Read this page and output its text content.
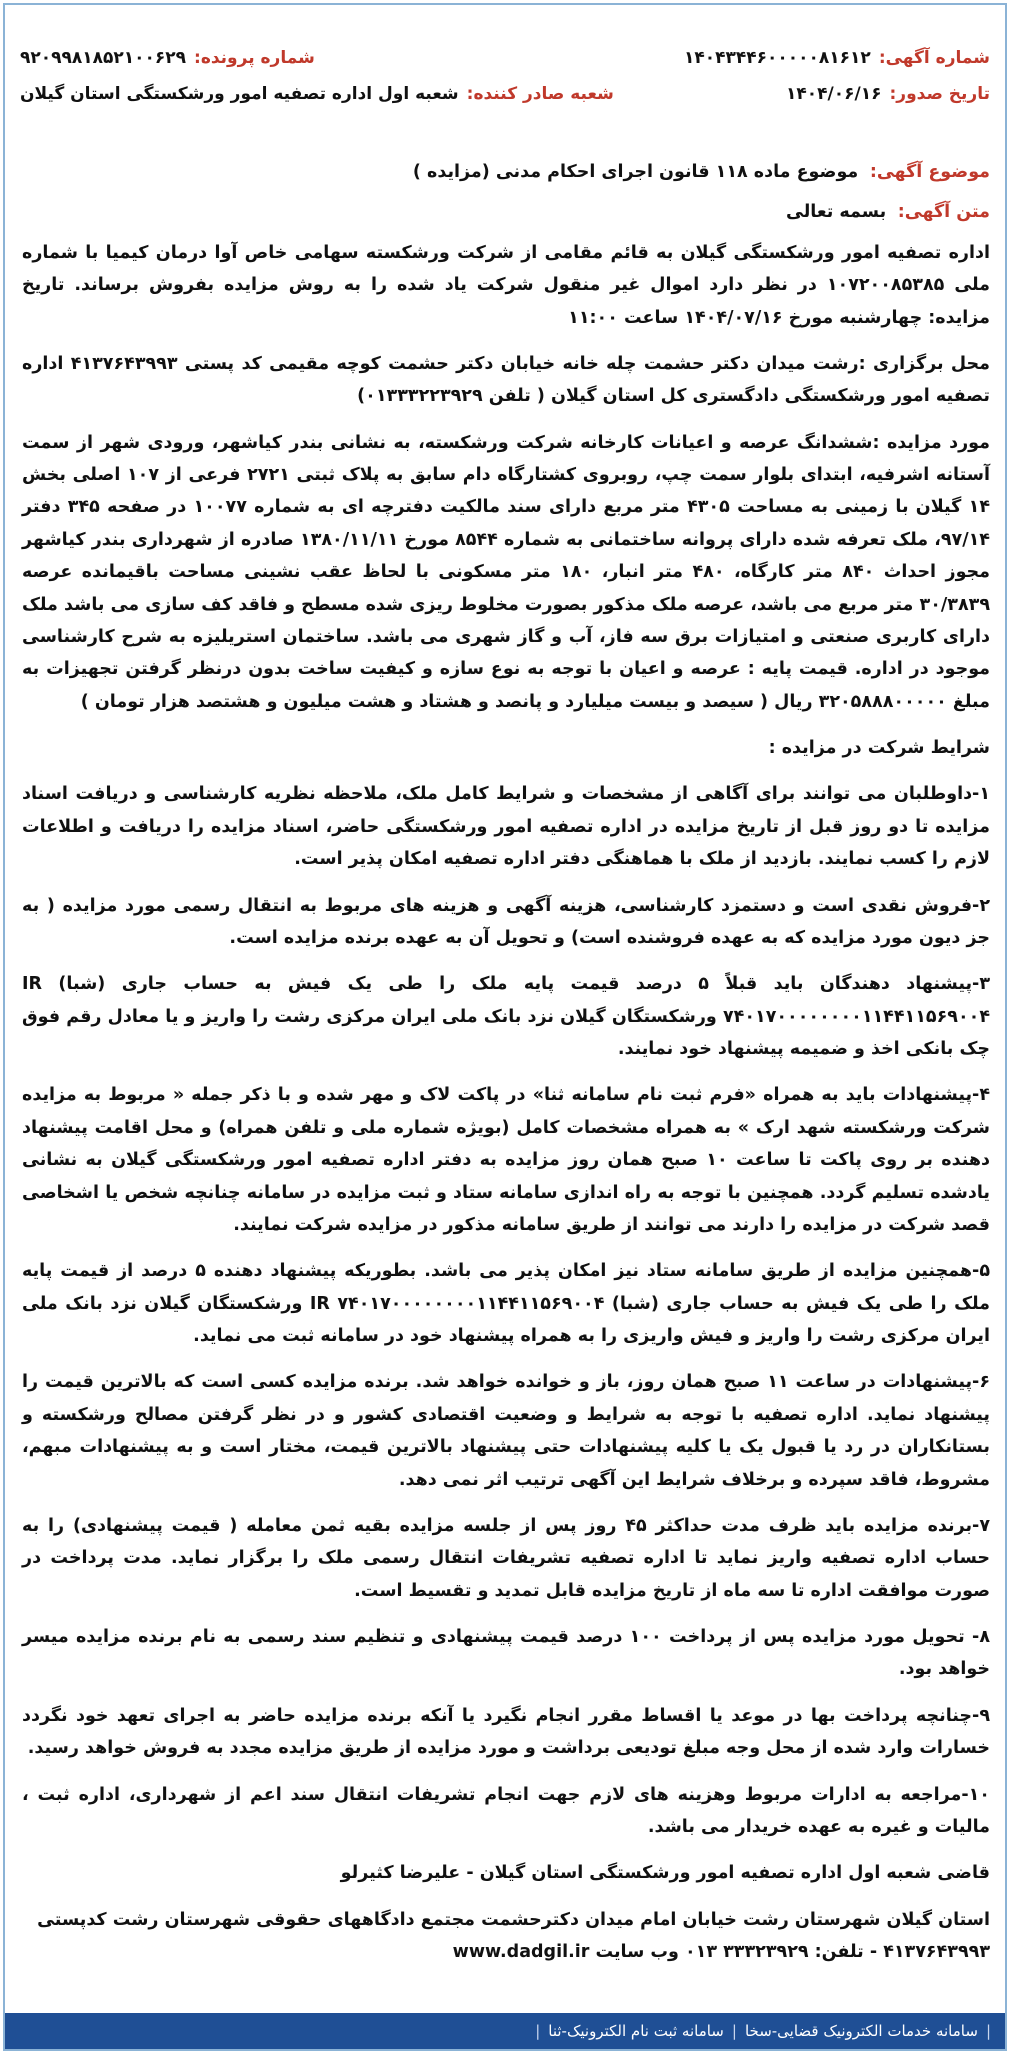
شماره آگهی:
۱۴۰۴۳۴۴۶۰۰۰۰۰۸۱۶۱۲
شماره پرونده:
۹۲۰۹۹۸۱۸۵۲۱۰۰۶۲۹
تاریخ صدور:
۱۴۰۴/۰۶/۱۶
شعبه صادر کننده:
شعبه اول اداره تصفیه امور ورشکستگی استان گیلان
موضوع آگهی: موضوع ماده ۱۱۸ قانون اجرای احکام مدنی (مزایده )
متن آگهی: بسمه تعالی

اداره تصفیه امور ورشکستگی گیلان به قائم مقامی از شرکت ورشکسته سهامی خاص آوا درمان کیمیا با شماره ملی ۱۰۷۲۰۰۸۵۳۸۵ در نظر دارد اموال غیر منقول شرکت یاد شده را به روش مزایده بفروش برساند. تاریخ مزایده: چهارشنبه مورخ ۱۴۰۴/۰۷/۱۶ ساعت ۱۱:۰۰

محل برگزاری :رشت میدان دکتر حشمت چله خانه خیابان دکتر حشمت کوچه مقیمی کد پستی ۴۱۳۷۶۴۳۹۹۳ اداره تصفیه امور ورشکستگی دادگستری کل استان گیلان ( تلفن ۰۱۳۳۳۲۲۳۹۲۹)

مورد مزایده :ششدانگ عرصه و اعیانات کارخانه شرکت ورشکسته، به نشانی بندر کیاشهر، ورودی شهر از سمت آستانه اشرفیه، ابتدای بلوار سمت چپ، روبروی کشتارگاه دام سابق به پلاک ثبتی ۲۷۲۱ فرعی از ۱۰۷ اصلی بخش ۱۴ گیلان با زمینی به مساحت ۴۳۰۵ متر مربع دارای سند مالکیت دفترچه ای به شماره ۱۰۰۷۷ در صفحه ۳۴۵ دفتر ۹۷/۱۴، ملک تعرفه شده دارای پروانه ساختمانی به شماره ۸۵۴۴ مورخ ۱۳۸۰/۱۱/۱۱ صادره از شهرداری بندر کیاشهر مجوز احداث ۸۴۰ متر کارگاه، ۴۸۰ متر انبار، ۱۸۰ متر مسکونی با لحاظ عقب نشینی مساحت باقیمانده عرصه ۳۰/۳۸۳۹ متر مربع می باشد، عرصه ملک مذکور بصورت مخلوط ریزی شده مسطح و فاقد کف سازی می باشد ملک دارای کاربری صنعتی و امتیازات برق سه فاز، آب و گاز شهری می باشد. ساختمان استریلیزه به شرح کارشناسی موجود در اداره. قیمت پایه : عرصه و اعیان با توجه به نوع سازه و کیفیت ساخت بدون درنظر گرفتن تجهیزات به مبلغ ۳۲۰۵۸۸۸۰۰۰۰۰ ریال ( سیصد و بیست میلیارد و پانصد و هشتاد و هشت میلیون و هشتصد هزار تومان )

شرایط شرکت در مزایده :

۱-داوطلبان می توانند برای آگاهی از مشخصات و شرایط کامل ملک، ملاحظه نظریه کارشناسی و دریافت اسناد مزایده تا دو روز قبل از تاریخ مزایده در اداره تصفیه امور ورشکستگی حاضر، اسناد مزایده را دریافت و اطلاعات لازم را کسب نمایند. بازدید از ملک با هماهنگی دفتر اداره تصفیه امکان پذیر است.

۲-فروش نقدی است و دستمزد کارشناسی، هزینه آگهی و هزینه های مربوط به انتقال رسمی مورد مزایده ( به جز دیون مورد مزایده که به عهده فروشنده است) و تحویل آن به عهده برنده مزایده است.

۳-پیشنهاد دهندگان باید قبلاً ۵ درصد قیمت پایه ملک را طی یک فیش به حساب جاری (شبا) IR ۷۴۰۱۷۰۰۰۰۰۰۰۰۱۱۴۴۱۱۵۶۹۰۰۴ ورشکستگان گیلان نزد بانک ملی ایران مرکزی رشت را واریز و یا معادل رقم فوق چک بانکی اخذ و ضمیمه پیشنهاد خود نمایند.

۴-پیشنهادات باید به همراه «فرم ثبت نام سامانه ثنا» در پاکت لاک و مهر شده و با ذکر جمله « مربوط به مزایده شرکت ورشکسته شهد ارک » به همراه مشخصات کامل (بویژه شماره ملی و تلفن همراه) و محل اقامت پیشنهاد دهنده بر روی پاکت تا ساعت ۱۰ صبح همان روز مزایده به دفتر اداره تصفیه امور ورشکستگی گیلان به نشانی یادشده تسلیم گردد. همچنین با توجه به راه اندازی سامانه ستاد و ثبت مزایده در سامانه چنانچه شخص یا اشخاصی قصد شرکت در مزایده را دارند می توانند از طریق سامانه مذکور در مزایده شرکت نمایند.

۵-همچنین مزایده از طریق سامانه ستاد نیز امکان پذیر می باشد. بطوریکه پیشنهاد دهنده ۵ درصد از قیمت پایه ملک را طی یک فیش به حساب جاری (شبا) IR ۷۴۰۱۷۰۰۰۰۰۰۰۰۱۱۴۴۱۱۵۶۹۰۰۴ ورشکستگان گیلان نزد بانک ملی ایران مرکزی رشت را واریز و فیش واریزی را به همراه پیشنهاد خود در سامانه ثبت می نماید.

۶-پیشنهادات در ساعت ۱۱ صبح همان روز، باز و خوانده خواهد شد. برنده مزایده کسی است که بالاترین قیمت را پیشنهاد نماید. اداره تصفیه با توجه به شرایط و وضعیت اقتصادی کشور و در نظر گرفتن مصالح ورشکسته و بستانکاران در رد یا قبول یک یا کلیه پیشنهادات حتی پیشنهاد بالاترین قیمت، مختار است و به پیشنهادات مبهم، مشروط، فاقد سپرده و برخلاف شرایط این آگهی ترتیب اثر نمی دهد.

۷-برنده مزایده باید ظرف مدت حداکثر ۴۵ روز پس از جلسه مزایده بقیه ثمن معامله ( قیمت پیشنهادی) را به حساب اداره تصفیه واریز نماید تا اداره تصفیه تشریفات انتقال رسمی ملک را برگزار نماید. مدت پرداخت در صورت موافقت اداره تا سه ماه از تاریخ مزایده قابل تمدید و تقسیط است.

۸- تحویل مورد مزایده پس از پرداخت ۱۰۰ درصد قیمت پیشنهادی و تنظیم سند رسمی به نام برنده مزایده میسر خواهد بود.

۹-چنانچه پرداخت بها در موعد یا اقساط مقرر انجام نگیرد یا آنکه برنده مزایده حاضر به اجرای تعهد خود نگردد خسارات وارد شده از محل وجه مبلغ تودیعی برداشت و مورد مزایده از طریق مزایده مجدد به فروش خواهد رسید.

۱۰-مراجعه به ادارات مربوط وهزینه های لازم جهت انجام تشریفات انتقال سند اعم از شهرداری، اداره ثبت ، مالیات و غیره به عهده خریدار می باشد.

قاضی شعبه اول اداره تصفیه امور ورشکستگی استان گیلان - علیرضا کثیرلو

استان گیلان شهرستان رشت خیابان امام میدان دکترحشمت مجتمع دادگاههای حقوقی شهرستان رشت کدپستی
۴۱۳۷۶۴۳۹۹۳ - تلفن: ۳۳۳۲۳۹۲۹ ۰۱۳ وب سایت www.dadgil.ir

|
سامانه خدمات الکترونیک قضایی-سخا
|
سامانه ثبت نام الکترونیک-ثنا
|
